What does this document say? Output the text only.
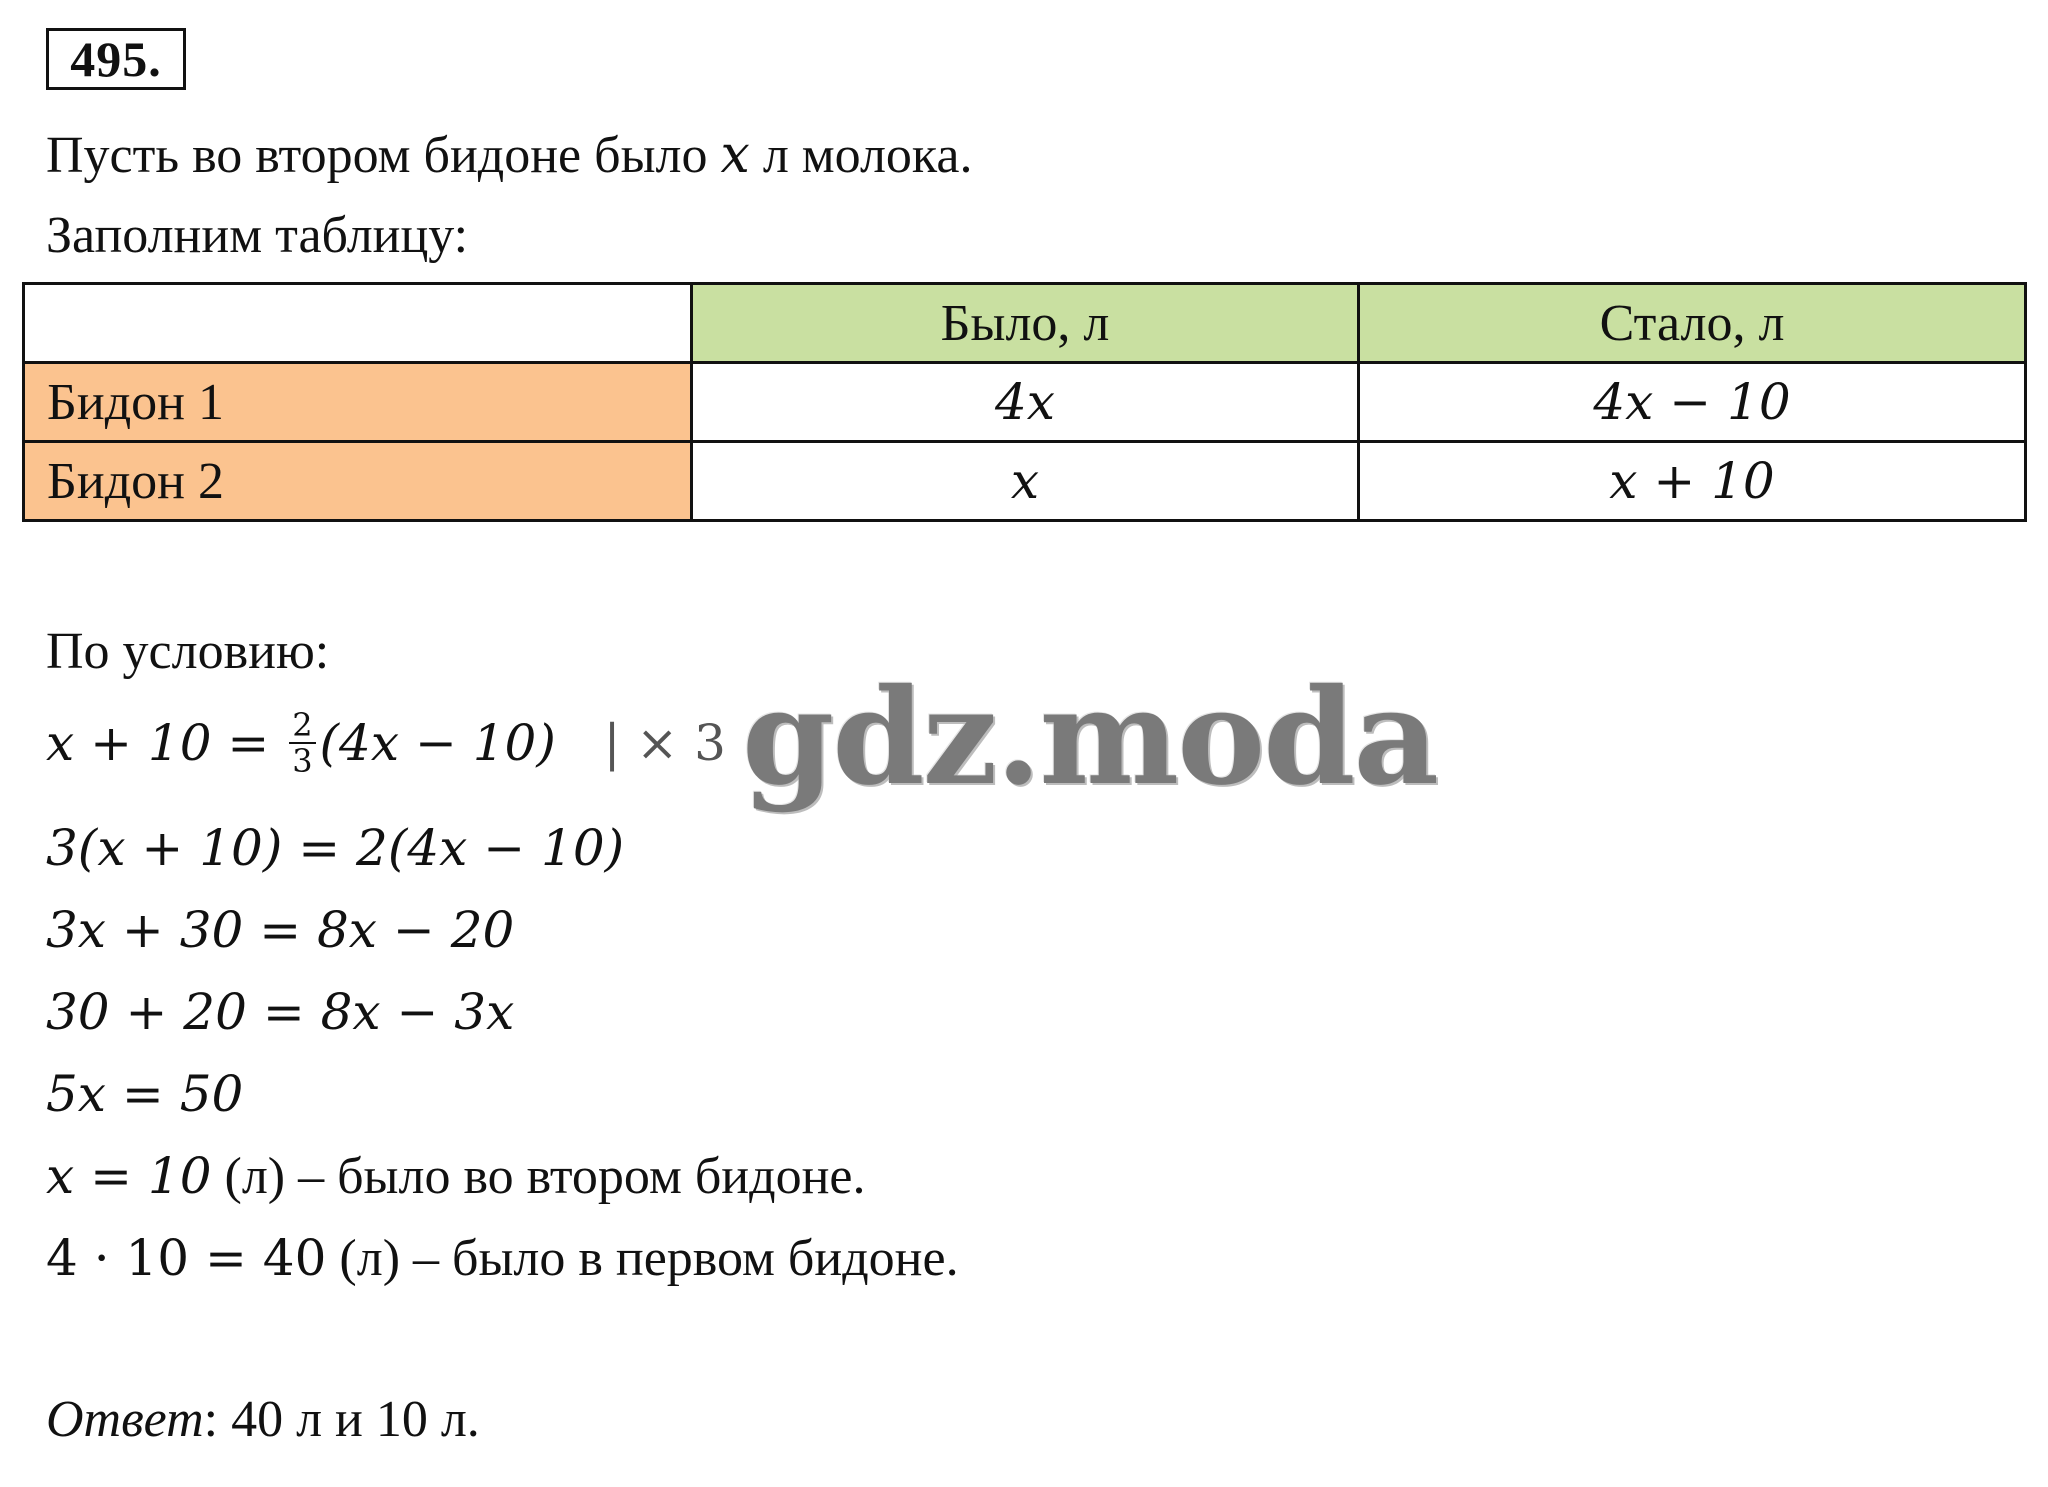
495.
Пусть во втором бидоне было x л молока.
Заполним таблицу:
	Было, л	Стало, л
Бидон 1	4x	4x − 10
Бидон 2	x	x + 10
По условию:
$x + 10 = \frac{2}{3} (4x - 10)$ | × 3 gdz.moda
3(x + 10) = 2(4x − 10)
3x + 30 = 8x − 20
30 + 20 = 8x − 3x
5x = 50
x = 10 (л) – было во втором бидоне.
4 · 10 = 40 (л) – было в первом бидоне.
Ответ: 40 л и 10 л.
